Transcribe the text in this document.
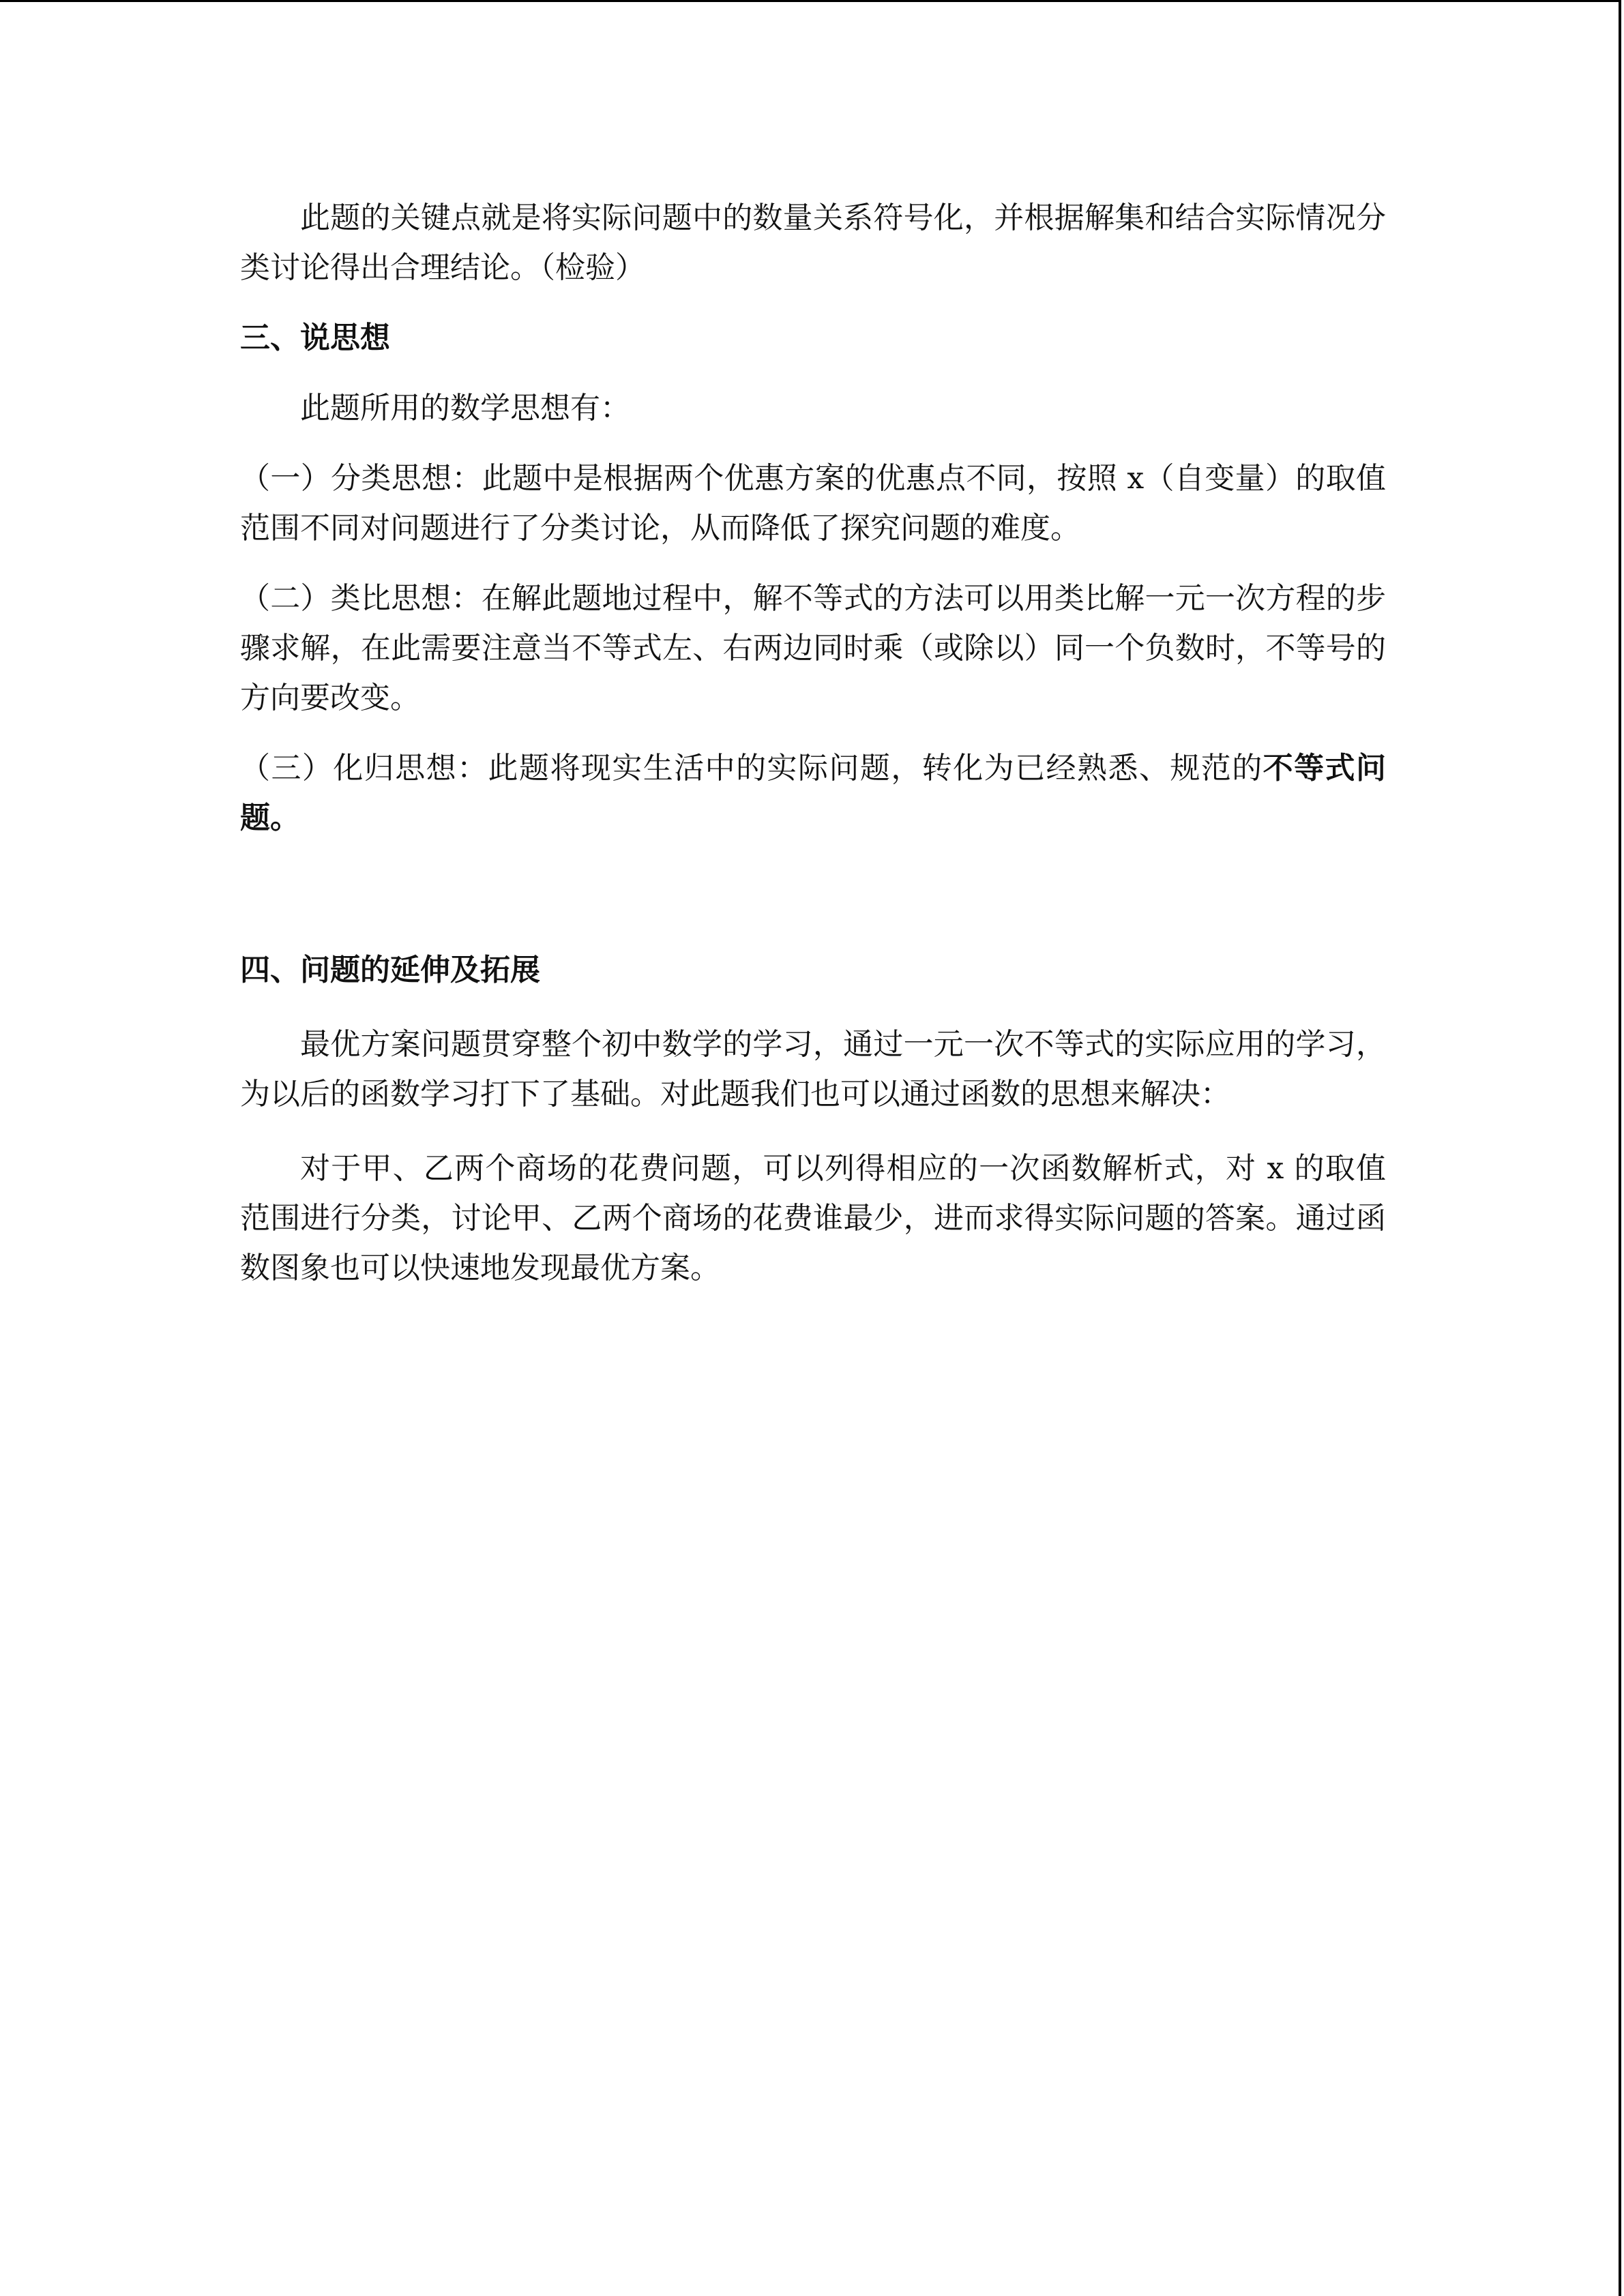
此题的关键点就是将实际问题中的数量关系符号化，并根据解集和结合实际情况分类讨论得出合理结论。（检验）

三、说思想

此题所用的数学思想有：

（一）分类思想：此题中是根据两个优惠方案的优惠点不同，按照 x（自变量）的取值范围不同对问题进行了分类讨论，从而降低了探究问题的难度。

（二）类比思想：在解此题地过程中，解不等式的方法可以用类比解一元一次方程的步骤求解，在此需要注意当不等式左、右两边同时乘（或除以）同一个负数时，不等号的方向要改变。

（三）化归思想：此题将现实生活中的实际问题，转化为已经熟悉、规范的不等式问题。

四、问题的延伸及拓展

最优方案问题贯穿整个初中数学的学习，通过一元一次不等式的实际应用的学习，为以后的函数学习打下了基础。对此题我们也可以通过函数的思想来解决：

对于甲、乙两个商场的花费问题，可以列得相应的一次函数解析式，对 x 的取值范围进行分类，讨论甲、乙两个商场的花费谁最少，进而求得实际问题的答案。通过函数图象也可以快速地发现最优方案。
